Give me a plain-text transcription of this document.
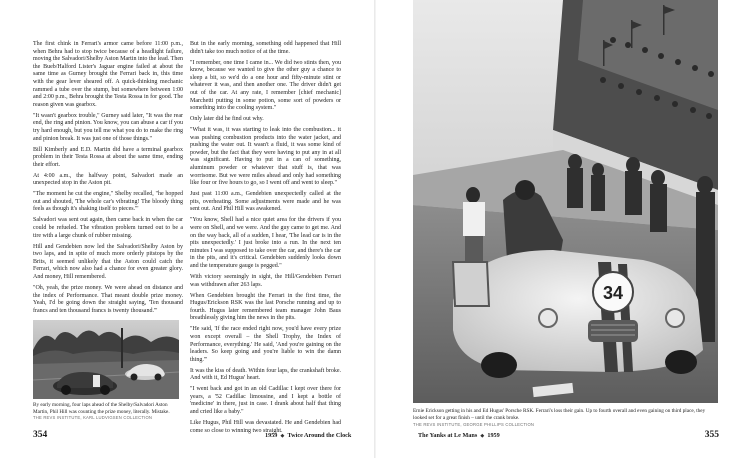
The first chink in Ferrari's armor came before 11:00 p.m., when Behra had to stop twice because of a headlight failure, moving the Salvadori/Shelby Aston Martin into the lead. Then the Bueb/Halford Lister's Jaguar engine failed at about the same time as Gurney brought the Ferrari back in, this time with the gear lever sheared off. A quick-thinking mechanic rammed a tube over the stump, but somewhere between 1:00 and 2:00 p.m., Behra brought the Testa Rossa in for good. The reason given was gearbox.

"It wasn't gearbox trouble," Gurney said later, "It was the rear end, the ring and pinion. You know, you can abuse a car if you try hard enough, but you tell me what you do to make the ring and pinion break. It was just one of those things."

Bill Kimberly and E.D. Martin did have a terminal gearbox problem in their Testa Rossa at about the same time, ending their effort.

At 4:00 a.m., the halfway point, Salvadori made an unexpected stop in the Aston pit.

"The moment he cut the engine," Shelby recalled, "he hopped out and shouted, 'The whole car's vibrating! The bloody thing feels as though it's shaking itself to pieces.'"

Salvadori was sent out again, then came back in when the car could be refueled. The vibration problem turned out to be a tire with a large chunk of rubber missing.

Hill and Gendebien now led the Salvadori/Shelby Aston by two laps, and in spite of much more orderly pitstops by the Brits, it seemed unlikely that the Aston could catch the Ferrari, which now also had a chance for even greater glory. And money, Hill remembered.

"Oh, yeah, the prize money. We were ahead on distance and the index of Performance. That meant double prize money. Yeah, I'd be going down the straight saying, 'Ten thousand francs and ten thousand francs is twenty thousand.'"

But in the early morning, something odd happened that Hill didn't take too much notice of at the time.

"I remember, one time I came in... We did two stints then, you know, because we wanted to give the other guy a chance to sleep a bit, so we'd do a one hour and fifty-minute stint or whatever it was, and then another one. The driver didn't get out of the car. At any rate, I remember [chief mechanic] Marchetti putting in some potion, some sort of powders or something into the cooling system."

Only later did he find out why.

"What it was, it was starting to leak into the combustion... it was pushing combustion products into the water jacket, and pushing the water out. It wasn't a fluid, it was some kind of powder, but the fact that they were having to put any in at all was significant. Having to put in a can of something, aluminum powder or whatever that stuff is, that was worrisome. But we were miles ahead and only had something like four or five hours to go, so I went off and went to sleep."

Just past 11:00 a.m., Gendebien unexpectedly called at the pits, overheating. Some adjustments were made and he was sent out. And Phil Hill was awakened.

"You know, Shell had a nice quiet area for the drivers if you were on Shell, and we were. And the guy came to get me. And on the way back, all of a sudden, I hear, 'The lead car is in the pits unexpectedly.' I just broke into a run. In the next ten minutes I was supposed to take over the car, and there's the car in the pits, and it's critical. Gendebien suddenly looks down and the temperature gauge is pegged."

With victory seemingly in sight, the Hill/Gendebien Ferrari was withdrawn after 263 laps.

When Gendebien brought the Ferrari in the first time, the Hugus/Erickson RSK was the last Porsche running and up to fourth. Hugus later remembered team manager John Baus breathlessly giving him the news in the pits.

"He said, 'If the race ended right now, you'd have every prize won except overall – the Shell Trophy, the Index of Performance, everything.' He said, 'And you're gaining on the leaders. So keep going and you're liable to win the damn thing.'"

It was the kiss of death. Within four laps, the crankshaft broke. And with it, Ed Hugus' heart.

"I went back and got in an old Cadillac I kept over there for years, a '52 Cadillac limousine, and I kept a bottle of 'medicine' in there, just in case. I drank about half that thing and cried like a baby."

Like Hugus, Phil Hill was devastated. He and Gendebien had come so close to winning two straight.

By early morning, four laps ahead of the Shelby/Salvadori Aston Martin, Phil Hill was counting the prize money, literally. Mistake.
THE REVS INSTITUTE, KARL LUDVIGSEN COLLECTION
34
Ernie Erickson getting in his and Ed Hugus' Porsche RSK. Ferrari's loss their gain. Up to fourth overall and even gaining on third place, they looked set for a great finish – until the crank broke.
THE REVS INSTITUTE, GEORGE PHILLIPS COLLECTION
354	1959 ◆ Twice Around the Clock	The Yanks at Le Mans ◆ 1959	355
